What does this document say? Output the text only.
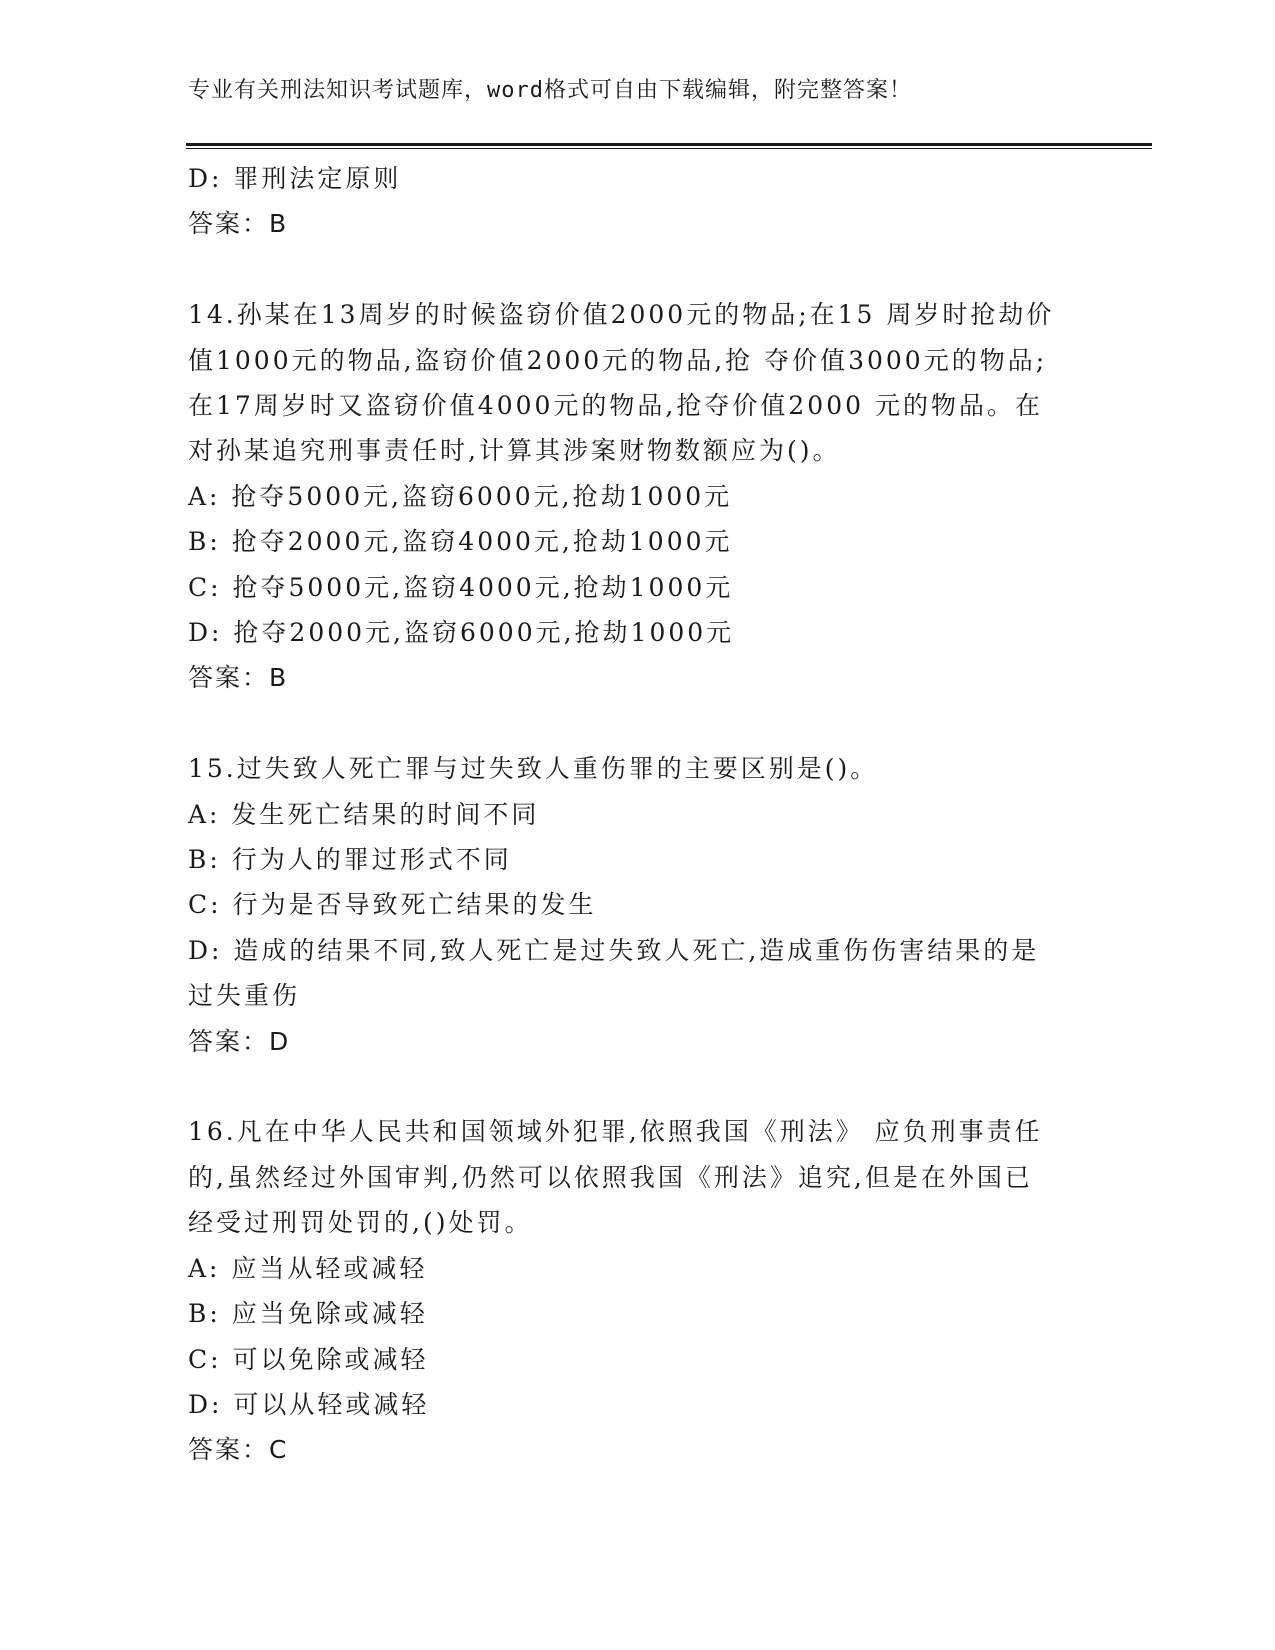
专业有关刑法知识考试题库，word格式可自由下载编辑，附完整答案！
D: 罪刑法定原则
答案：B
14.孙某在13周岁的时候盗窃价值2000元的物品;在15 周岁时抢劫价
值1000元的物品,盗窃价值2000元的物品,抢 夺价值3000元的物品;
在17周岁时又盗窃价值4000元的物品,抢夺价值2000 元的物品。在
对孙某追究刑事责任时,计算其涉案财物数额应为()。
A: 抢夺5000元,盗窃6000元,抢劫1000元
B: 抢夺2000元,盗窃4000元,抢劫1000元
C: 抢夺5000元,盗窃4000元,抢劫1000元
D: 抢夺2000元,盗窃6000元,抢劫1000元
答案：B
15.过失致人死亡罪与过失致人重伤罪的主要区别是()。
A: 发生死亡结果的时间不同
B: 行为人的罪过形式不同
C: 行为是否导致死亡结果的发生
D: 造成的结果不同,致人死亡是过失致人死亡,造成重伤伤害结果的是
过失重伤
答案：D
16.凡在中华人民共和国领域外犯罪,依照我国《刑法》 应负刑事责任
的,虽然经过外国审判,仍然可以依照我国《刑法》追究,但是在外国已
经受过刑罚处罚的,()处罚。
A: 应当从轻或减轻
B: 应当免除或减轻
C: 可以免除或减轻
D: 可以从轻或减轻
答案：C
